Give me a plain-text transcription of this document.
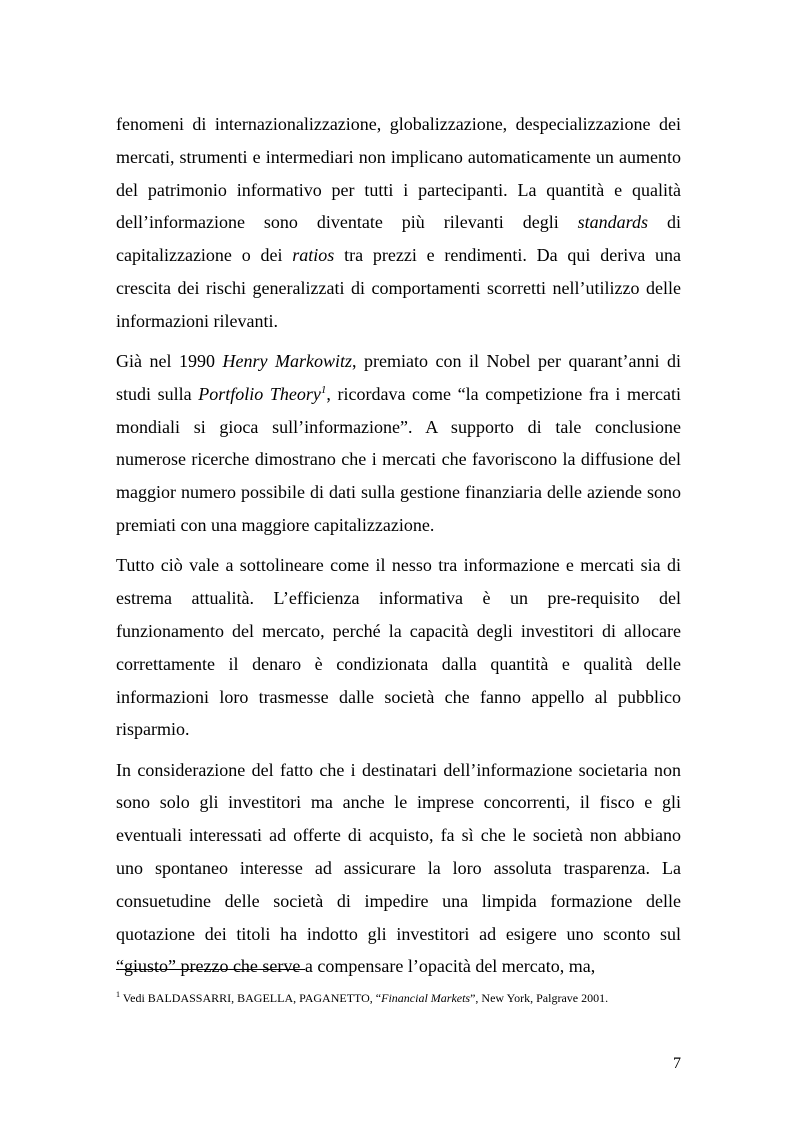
fenomeni di internazionalizzazione, globalizzazione, despecializzazione dei mercati, strumenti e intermediari non implicano automaticamente un aumento del patrimonio informativo per tutti i partecipanti. La quantità e qualità dell’informazione sono diventate più rilevanti degli standards di capitalizzazione o dei ratios tra prezzi e rendimenti. Da qui deriva una crescita dei rischi generalizzati di comportamenti scorretti nell’utilizzo delle informazioni rilevanti.

Già nel 1990 Henry Markowitz, premiato con il Nobel per quarant’anni di studi sulla Portfolio Theory$^1$, ricordava come “la competizione fra i mercati mondiali si gioca sull’informazione”. A supporto di tale conclusione numerose ricerche dimostrano che i mercati che favoriscono la diffusione del maggior numero possibile di dati sulla gestione finanziaria delle aziende sono premiati con una maggiore capitalizzazione.

Tutto ciò vale a sottolineare come il nesso tra informazione e mercati sia di estrema attualità. L’efficienza informativa è un pre-requisito del funzionamento del mercato, perché la capacità degli investitori di allocare correttamente il denaro è condizionata dalla quantità e qualità delle informazioni loro trasmesse dalle società che fanno appello al pubblico risparmio.

In considerazione del fatto che i destinatari dell’informazione societaria non sono solo gli investitori ma anche le imprese concorrenti, il fisco e gli eventuali interessati ad offerte di acquisto, fa sì che le società non abbiano uno spontaneo interesse ad assicurare la loro assoluta trasparenza. La consuetudine delle società di impedire una limpida formazione delle quotazione dei titoli ha indotto gli investitori ad esigere uno sconto sul “giusto” prezzo che serve a compensare l’opacità del mercato, ma,

$^1$ Vedi BALDASSARRI, BAGELLA, PAGANETTO, “Financial Markets”, New York, Palgrave 2001.
7
